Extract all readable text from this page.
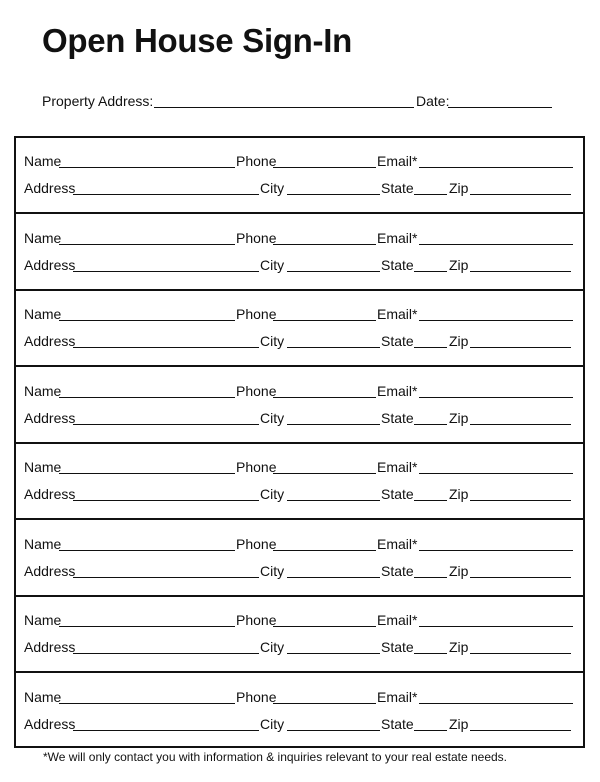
Open House Sign-In
Property Address:	Date:
Name	Phone	Email*
Address	City	State	Zip
Name	Phone	Email*
Address	City	State	Zip
Name	Phone	Email*
Address	City	State	Zip
Name	Phone	Email*
Address	City	State	Zip
Name	Phone	Email*
Address	City	State	Zip
Name	Phone	Email*
Address	City	State	Zip
Name	Phone	Email*
Address	City	State	Zip
Name	Phone	Email*
Address	City	State	Zip
*We will only contact you with information & inquiries relevant to your real estate needs.
